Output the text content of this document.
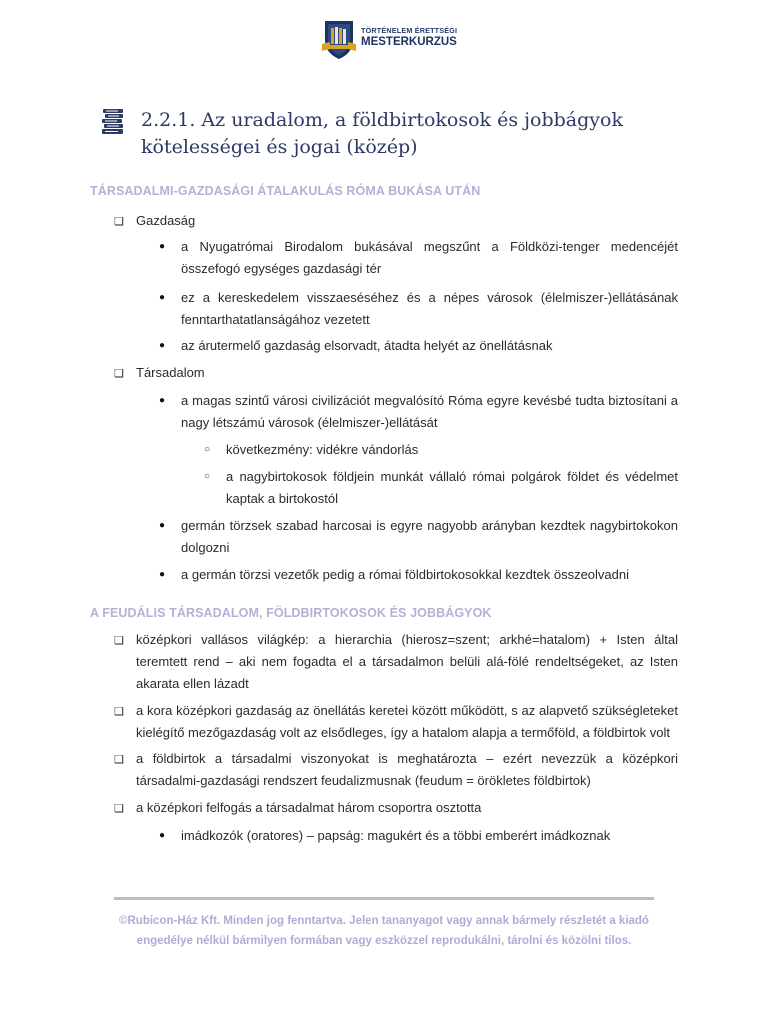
TÖRTÉNELEM ÉRETTSÉGI
MESTERKURZUS
2.2.1. Az uradalom, a földbirtokosok és jobbágyok kötelességei és jogai (közép)
TÁRSADALMI-GAZDASÁGI ÁTALAKULÁS RÓMA BUKÁSA UTÁN
❑ Gazdaság
● a Nyugatrómai Birodalom bukásával megszűnt a Földközi-tenger medencéjét összefogó egységes gazdasági tér
● ez a kereskedelem visszaeséséhez és a népes városok (élelmiszer-)ellátásának fenntarthatatlanságához vezetett
● az árutermelő gazdaság elsorvadt, átadta helyét az önellátásnak
❑ Társadalom
● a magas szintű városi civilizációt megvalósító Róma egyre kevésbé tudta biztosítani a nagy létszámú városok (élelmiszer-)ellátását
○ következmény: vidékre vándorlás
○ a nagybirtokosok földjein munkát vállaló római polgárok földet és védelmet kaptak a birtokostól
● germán törzsek szabad harcosai is egyre nagyobb arányban kezdtek nagybirtokokon dolgozni
● a germán törzsi vezetők pedig a római földbirtokosokkal kezdtek összeolvadni
A FEUDÁLIS TÁRSADALOM, FÖLDBIRTOKOSOK ÉS JOBBÁGYOK
❑ középkori vallásos világkép: a hierarchia (hierosz=szent; arkhé=hatalom) + Isten által teremtett rend – aki nem fogadta el a társadalmon belüli alá-fölé rendeltségeket, az Isten akarata ellen lázadt
❑ a kora középkori gazdaság az önellátás keretei között működött, s az alapvető szükségleteket kielégítő mezőgazdaság volt az elsődleges, így a hatalom alapja a termőföld, a földbirtok volt
❑ a földbirtok a társadalmi viszonyokat is meghatározta – ezért nevezzük a középkori társadalmi-gazdasági rendszert feudalizmusnak (feudum = örökletes földbirtok)
❑ a középkori felfogás a társadalmat három csoportra osztotta
● imádkozók (oratores) – papság: magukért és a többi emberért imádkoznak
©Rubicon-Ház Kft. Minden jog fenntartva. Jelen tananyagot vagy annak bármely részletét a kiadó engedélye nélkül bármilyen formában vagy eszközzel reprodukálni, tárolni és közölni tilos.
